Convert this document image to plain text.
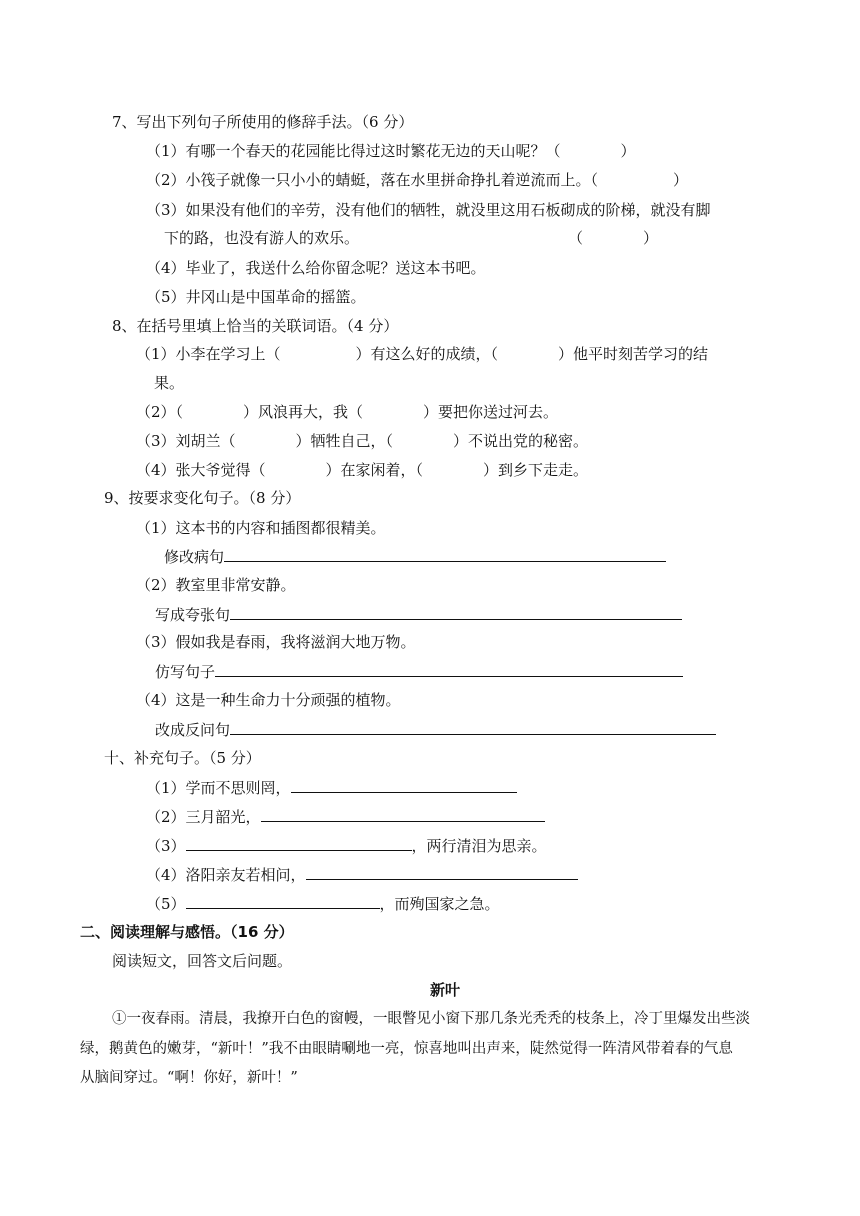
7、写出下列句子所使用的修辞手法。（6 分）
（1）有哪一个春天的花园能比得过这时繁花无边的天山呢？（　　　　）
（2）小筏子就像一只小小的蜻蜓，落在水里拼命挣扎着逆流而上。（　　　　　）
（3）如果没有他们的辛劳，没有他们的牺牲，就没里这用石板砌成的阶梯，就没有脚
下的路，也没有游人的欢乐。	（　　　　）
（4）毕业了，我送什么给你留念呢？送这本书吧。
（5）井冈山是中国革命的摇篮。
8、在括号里填上恰当的关联词语。（4 分）
（1）小李在学习上（　　　　　）有这么好的成绩，（　　　　）他平时刻苦学习的结
果。
（2）（　　　　）风浪再大，我（　　　　）要把你送过河去。
（3）刘胡兰（　　　　）牺牲自己，（　　　　）不说出党的秘密。
（4）张大爷觉得（　　　　）在家闲着，（　　　　）到乡下走走。
9、按要求变化句子。（8 分）
（1）这本书的内容和插图都很精美。
修改病句
（2）教室里非常安静。
写成夸张句
（3）假如我是春雨，我将滋润大地万物。
仿写句子
（4）这是一种生命力十分顽强的植物。
改成反问句
十、补充句子。（5 分）
（1）学而不思则罔，
（2）三月韶光，
（3）	，两行清泪为思亲。
（4）洛阳亲友若相问，
（5）	，而殉国家之急。
二、阅读理解与感悟。（16 分）
阅读短文，回答文后问题。
新叶
①一夜春雨。清晨，我撩开白色的窗幔，一眼瞥见小窗下那几条光秃秃的枝条上，冷丁里爆发出些淡
绿，鹅黄色的嫩芽，“新叶！”我不由眼睛唰地一亮，惊喜地叫出声来，陡然觉得一阵清风带着春的气息
从脑间穿过。“啊！你好，新叶！”
